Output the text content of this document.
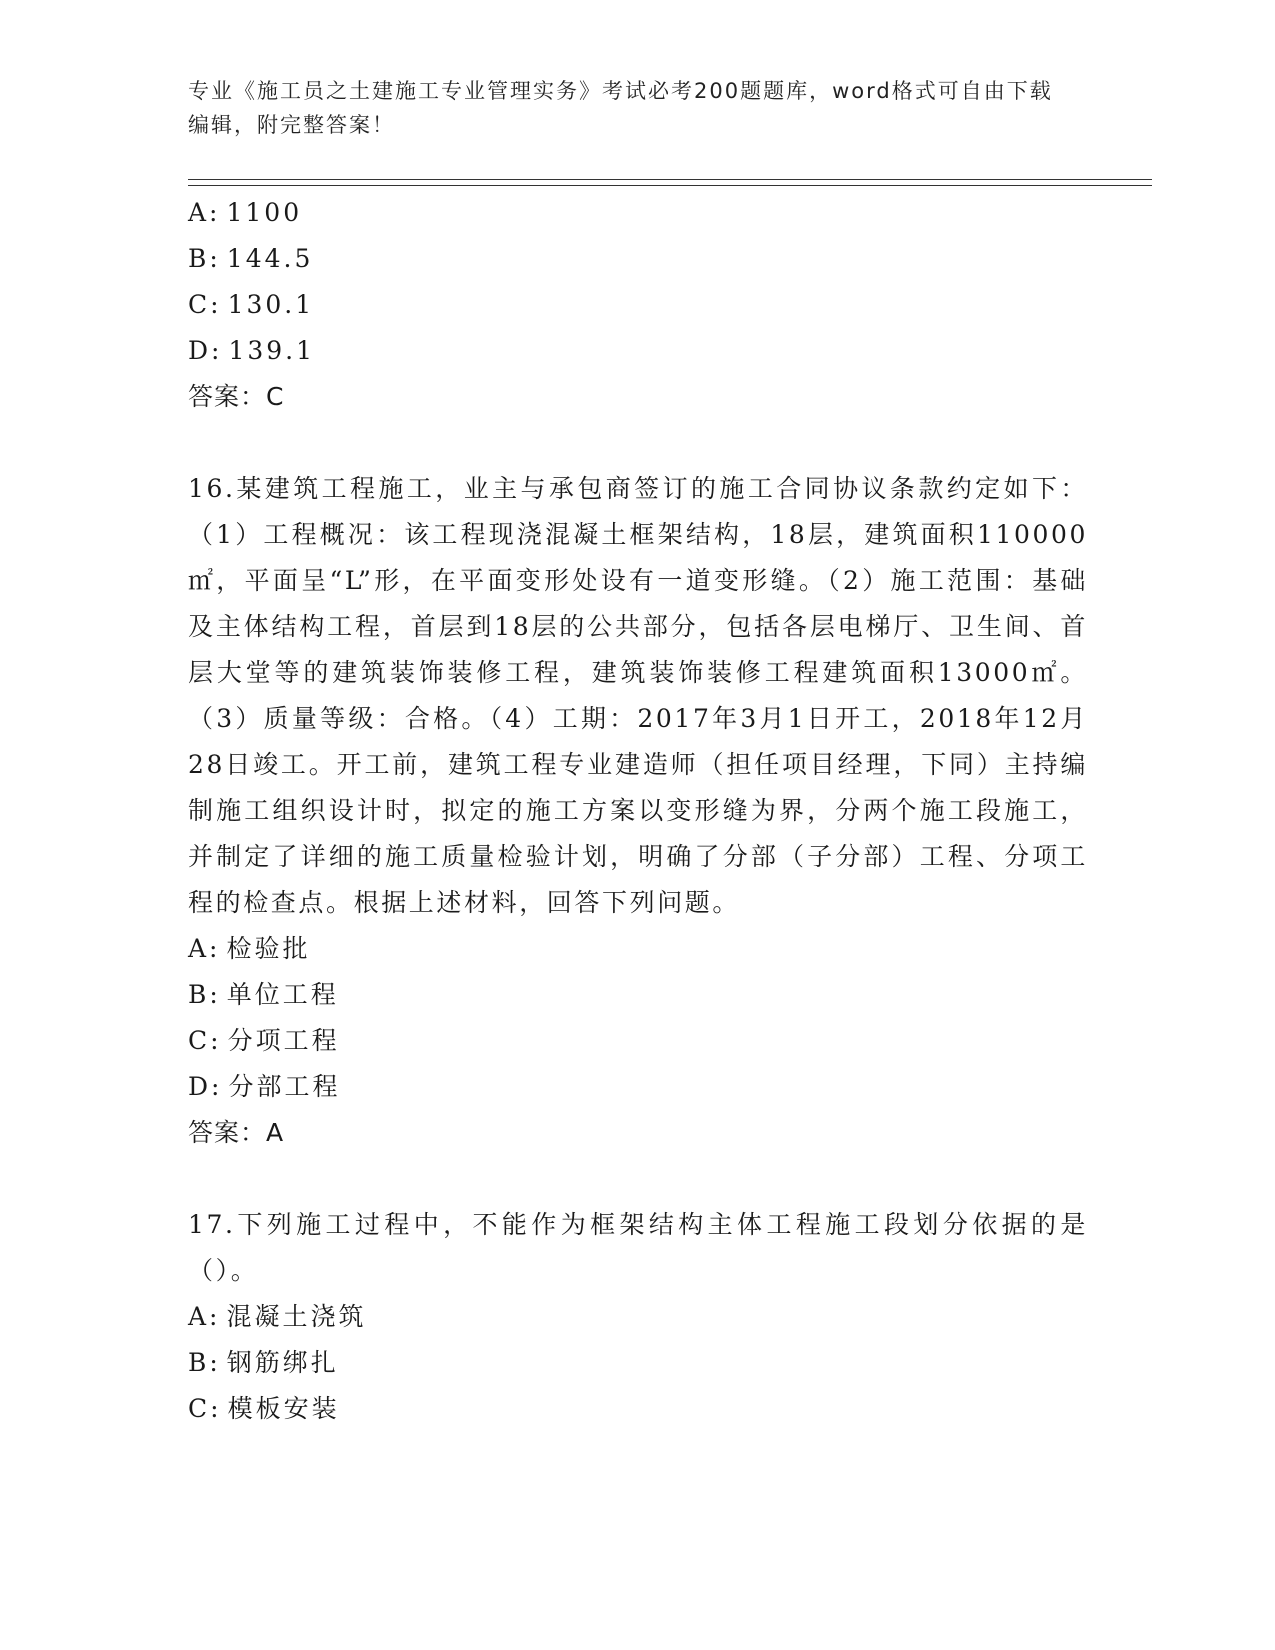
专业《施工员之土建施工专业管理实务》考试必考200题题库，word格式可自由下载编辑，附完整答案！
A: 1100
B: 144.5
C: 130.1
D: 139.1
答案：C
16.某建筑工程施工，业主与承包商签订的施工合同协议条款约定如下：（1）工程概况：该工程现浇混凝土框架结构，18层，建筑面积110000㎡，平面呈“L”形，在平面变形处设有一道变形缝。（2）施工范围：基础及主体结构工程，首层到18层的公共部分，包括各层电梯厅、卫生间、首层大堂等的建筑装饰装修工程，建筑装饰装修工程建筑面积13000㎡。（3）质量等级：合格。（4）工期：2017年3月1日开工，2018年12月28日竣工。开工前，建筑工程专业建造师（担任项目经理，下同）主持编制施工组织设计时，拟定的施工方案以变形缝为界，分两个施工段施工，并制定了详细的施工质量检验计划，明确了分部（子分部）工程、分项工程的检查点。根据上述材料，回答下列问题。
A: 检验批
B: 单位工程
C: 分项工程
D: 分部工程
答案：A
17.下列施工过程中，不能作为框架结构主体工程施工段划分依据的是（）。
A: 混凝土浇筑
B: 钢筋绑扎
C: 模板安装
